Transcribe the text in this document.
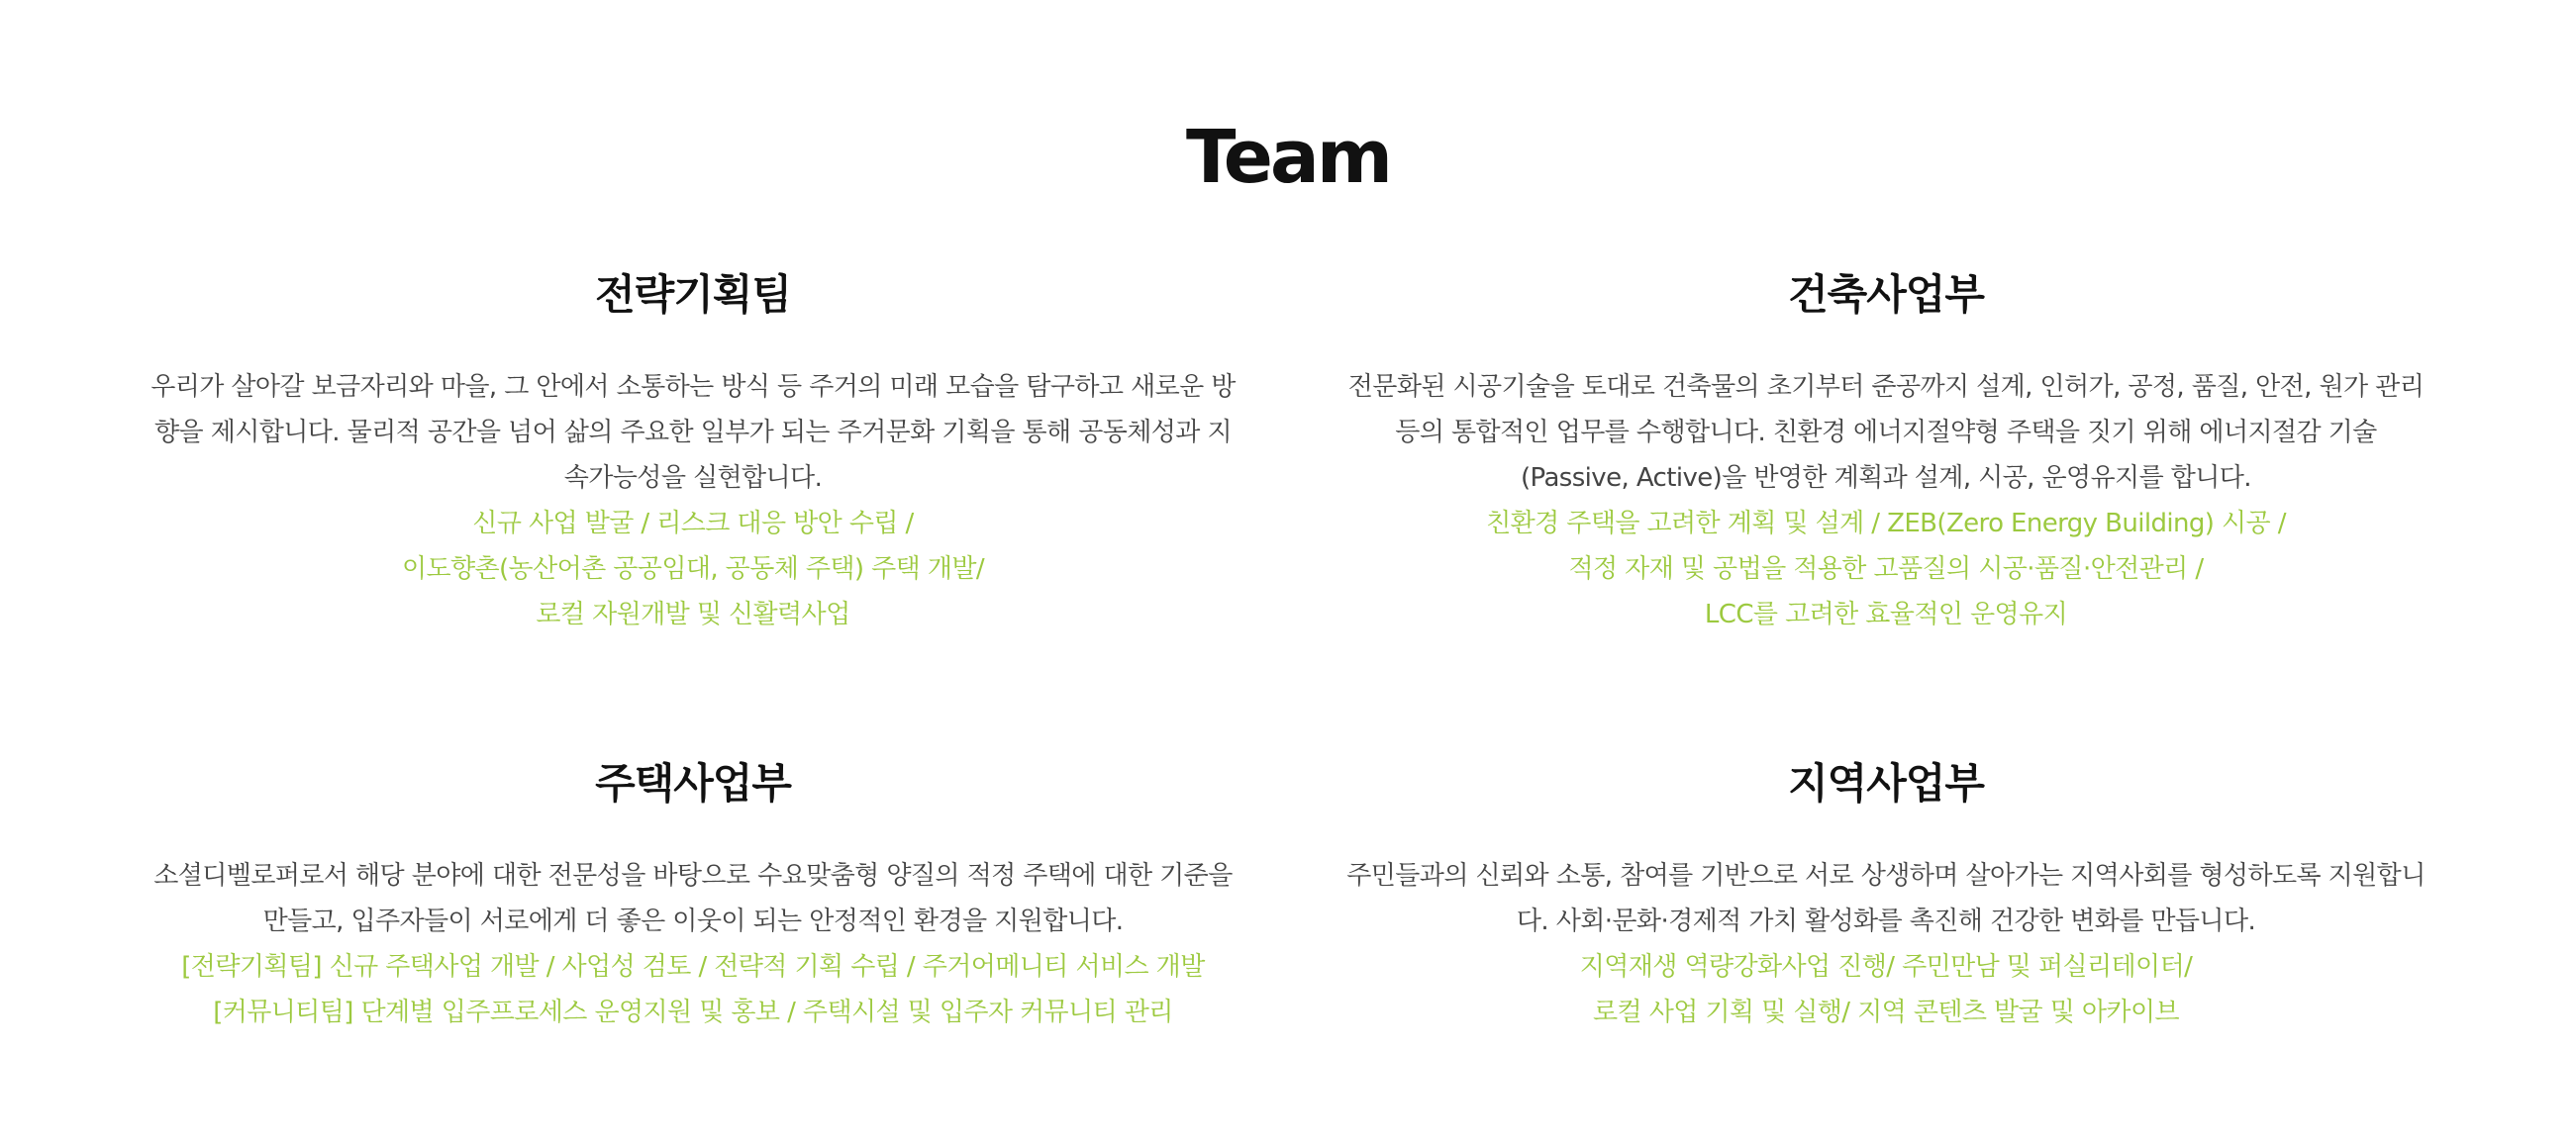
Team
전략기획팀

우리가 살아갈 보금자리와 마을, 그 안에서 소통하는 방식 등 주거의 미래 모습을 탐구하고 새로운 방향을 제시합니다. 물리적 공간을 넘어 삶의 주요한 일부가 되는 주거문화 기획을 통해 공동체성과 지속가능성을 실현합니다.

신규 사업 발굴 / 리스크 대응 방안 수립 /
이도향촌(농산어촌 공공임대, 공동체 주택) 주택 개발/
로컬 자원개발 및 신활력사업
건축사업부

전문화된 시공기술을 토대로 건축물의 초기부터 준공까지 설계, 인허가, 공정, 품질, 안전, 원가 관리 등의 통합적인 업무를 수행합니다. 친환경 에너지절약형 주택을 짓기 위해 에너지절감 기술(Passive, Active)을 반영한 계획과 설계, 시공, 운영유지를 합니다.

친환경 주택을 고려한 계획 및 설계 / ZEB(Zero Energy Building) 시공 /
적정 자재 및 공법을 적용한 고품질의 시공·품질·안전관리 /
LCC를 고려한 효율적인 운영유지
주택사업부

소셜디벨로퍼로서 해당 분야에 대한 전문성을 바탕으로 수요맞춤형 양질의 적정 주택에 대한 기준을 만들고, 입주자들이 서로에게 더 좋은 이웃이 되는 안정적인 환경을 지원합니다.

[전략기획팀] 신규 주택사업 개발 / 사업성 검토 / 전략적 기획 수립 / 주거어메니티 서비스 개발
[커뮤니티팀] 단계별 입주프로세스 운영지원 및 홍보 / 주택시설 및 입주자 커뮤니티 관리
지역사업부

주민들과의 신뢰와 소통, 참여를 기반으로 서로 상생하며 살아가는 지역사회를 형성하도록 지원합니다. 사회·문화·경제적 가치 활성화를 촉진해 건강한 변화를 만듭니다.

지역재생 역량강화사업 진행/ 주민만남 및 퍼실리테이터/
로컬 사업 기획 및 실행/ 지역 콘텐츠 발굴 및 아카이브
